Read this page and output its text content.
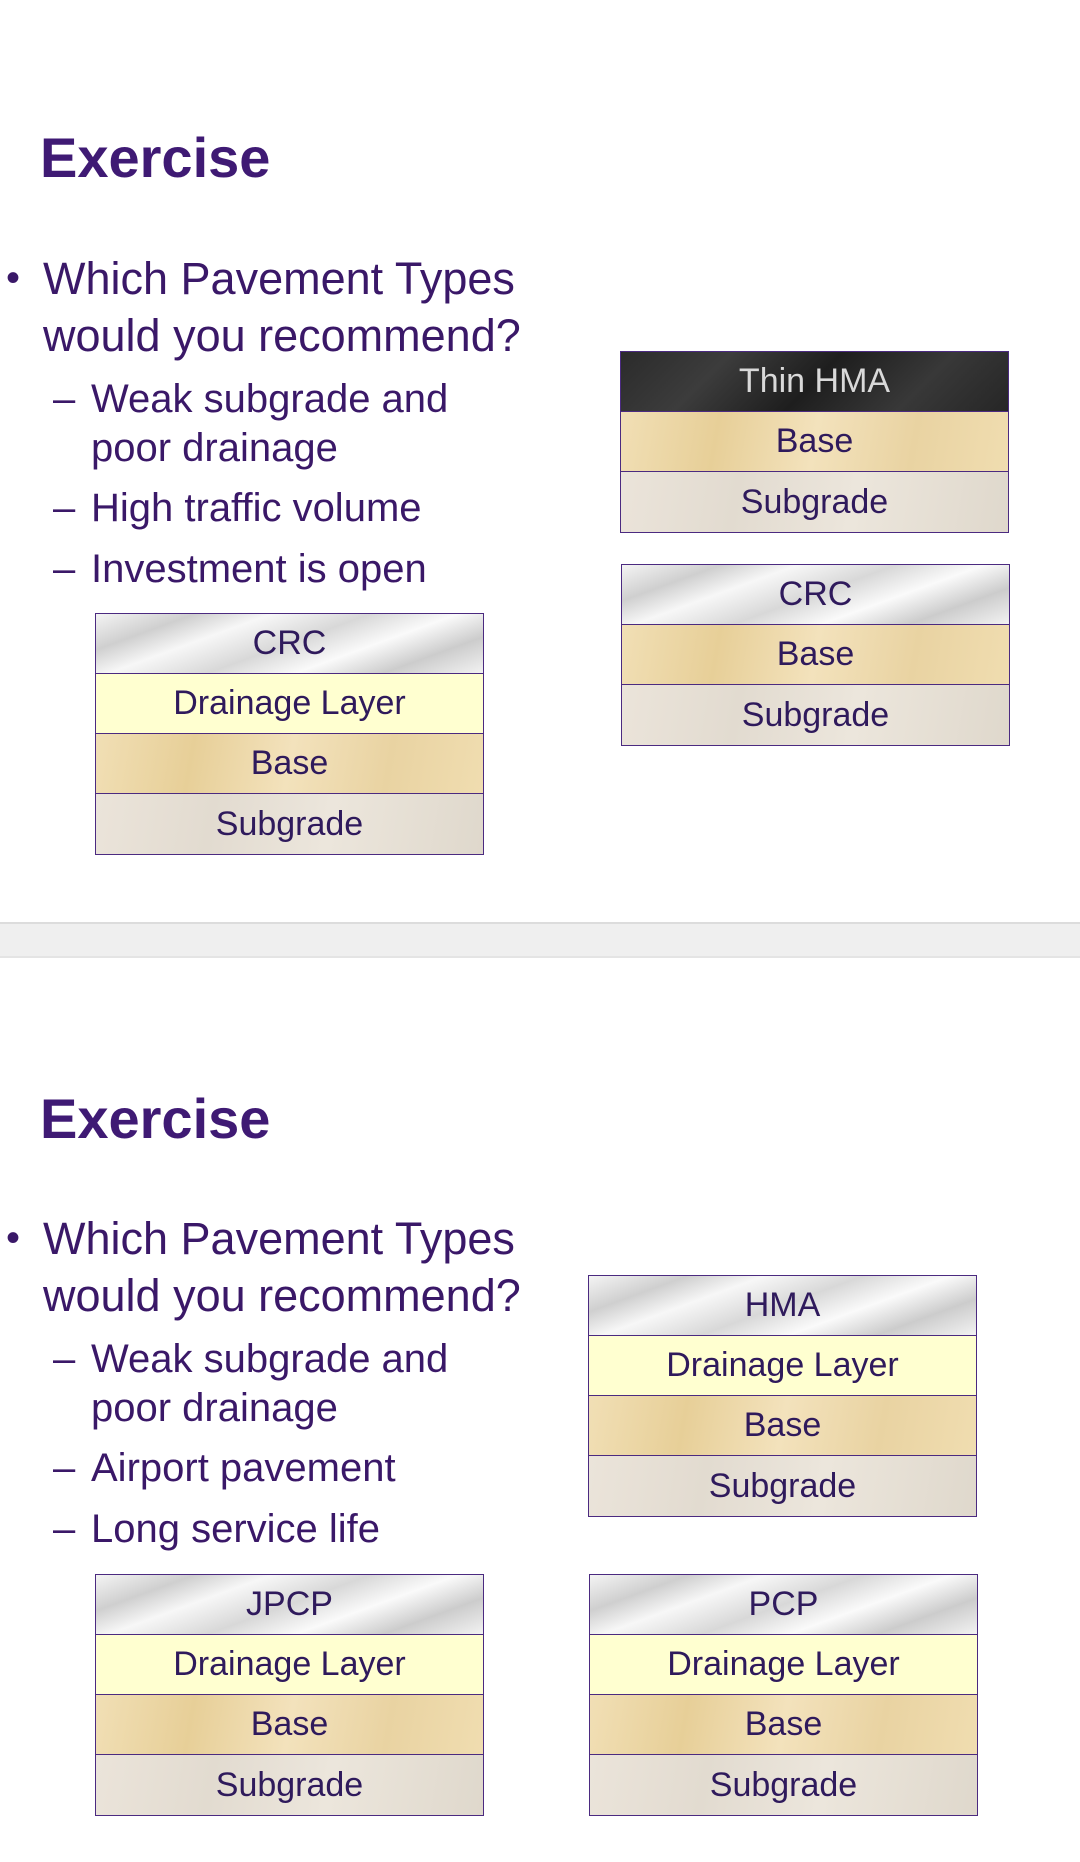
Exercise
• Which Pavement Types would you recommend?
– Weak subgrade and poor drainage
– High traffic volume
– Investment is open
Thin HMA
Base
Subgrade
CRC
Base
Subgrade
CRC
Drainage Layer
Base
Subgrade
Exercise
• Which Pavement Types would you recommend?
– Weak subgrade and poor drainage
– Airport pavement
– Long service life
HMA
Drainage Layer
Base
Subgrade
JPCP
Drainage Layer
Base
Subgrade
PCP
Drainage Layer
Base
Subgrade
